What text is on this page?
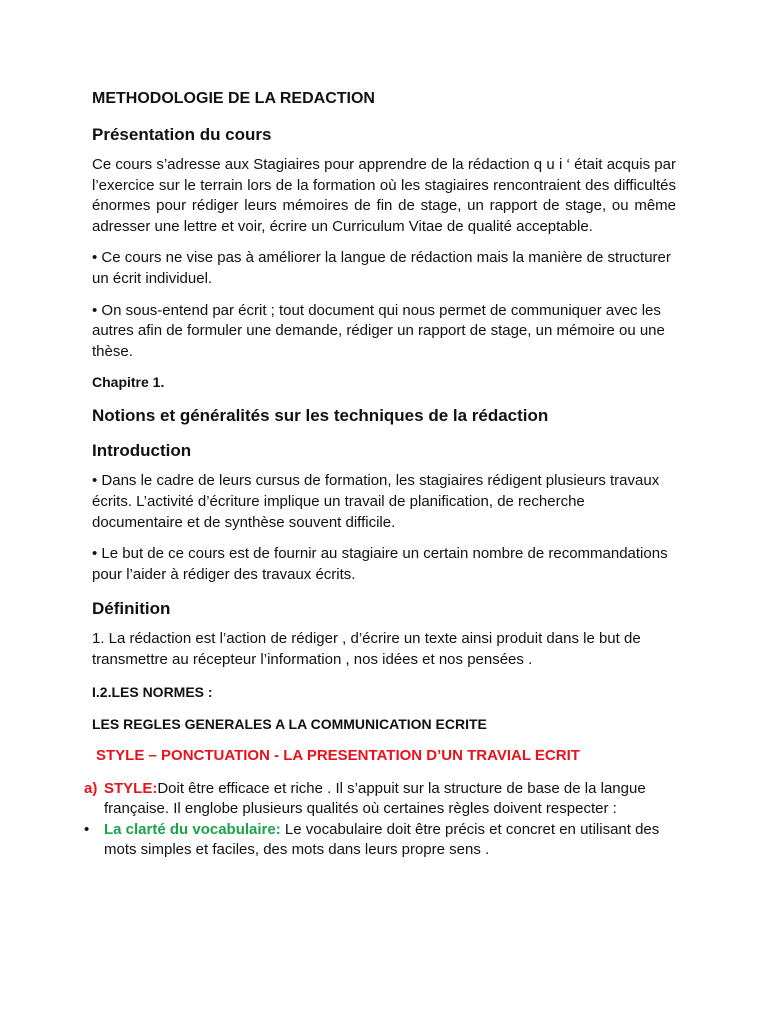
METHODOLOGIE DE LA REDACTION

Présentation du cours

Ce cours s’adresse aux Stagiaires pour apprendre de la rédaction q u i ‘ était acquis par l’exercice sur le terrain lors de la formation où les stagiaires rencontraient des difficultés énormes pour rédiger leurs mémoires de fin de stage, un rapport de stage, ou même adresser une lettre et voir, écrire un Curriculum Vitae de qualité acceptable.

• Ce cours ne vise pas à améliorer la langue de rédaction mais la manière de structurer un écrit individuel.

• On sous-entend par écrit ; tout document qui nous permet de communiquer avec les autres afin de formuler une demande, rédiger un rapport de stage, un mémoire ou une thèse.

Chapitre 1.

Notions et généralités sur les techniques de la rédaction

Introduction

• Dans le cadre de leurs cursus de formation, les stagiaires rédigent plusieurs travaux écrits. L’activité d’écriture implique un travail de planification, de recherche documentaire et de synthèse souvent difficile.

• Le but de ce cours est de fournir au stagiaire un certain nombre de recommandations pour l’aider à rédiger des travaux écrits.

Définition

1. La rédaction est l’action de rédiger , d’écrire un texte ainsi produit dans le but de transmettre au récepteur l’information , nos idées et nos pensées .

I.2.LES NORMES :

LES REGLES GENERALES A LA COMMUNICATION ECRITE

STYLE – PONCTUATION - LA PRESENTATION D’UN TRAVIAL ECRIT

a) STYLE:Doit être efficace et riche . Il s’appuit sur la structure de base de la langue française. Il englobe plusieurs qualités où certaines règles doivent respecter :
• La clarté du vocabulaire: Le vocabulaire doit être précis et concret en utilisant des mots simples et faciles, des mots dans leurs propre sens .
